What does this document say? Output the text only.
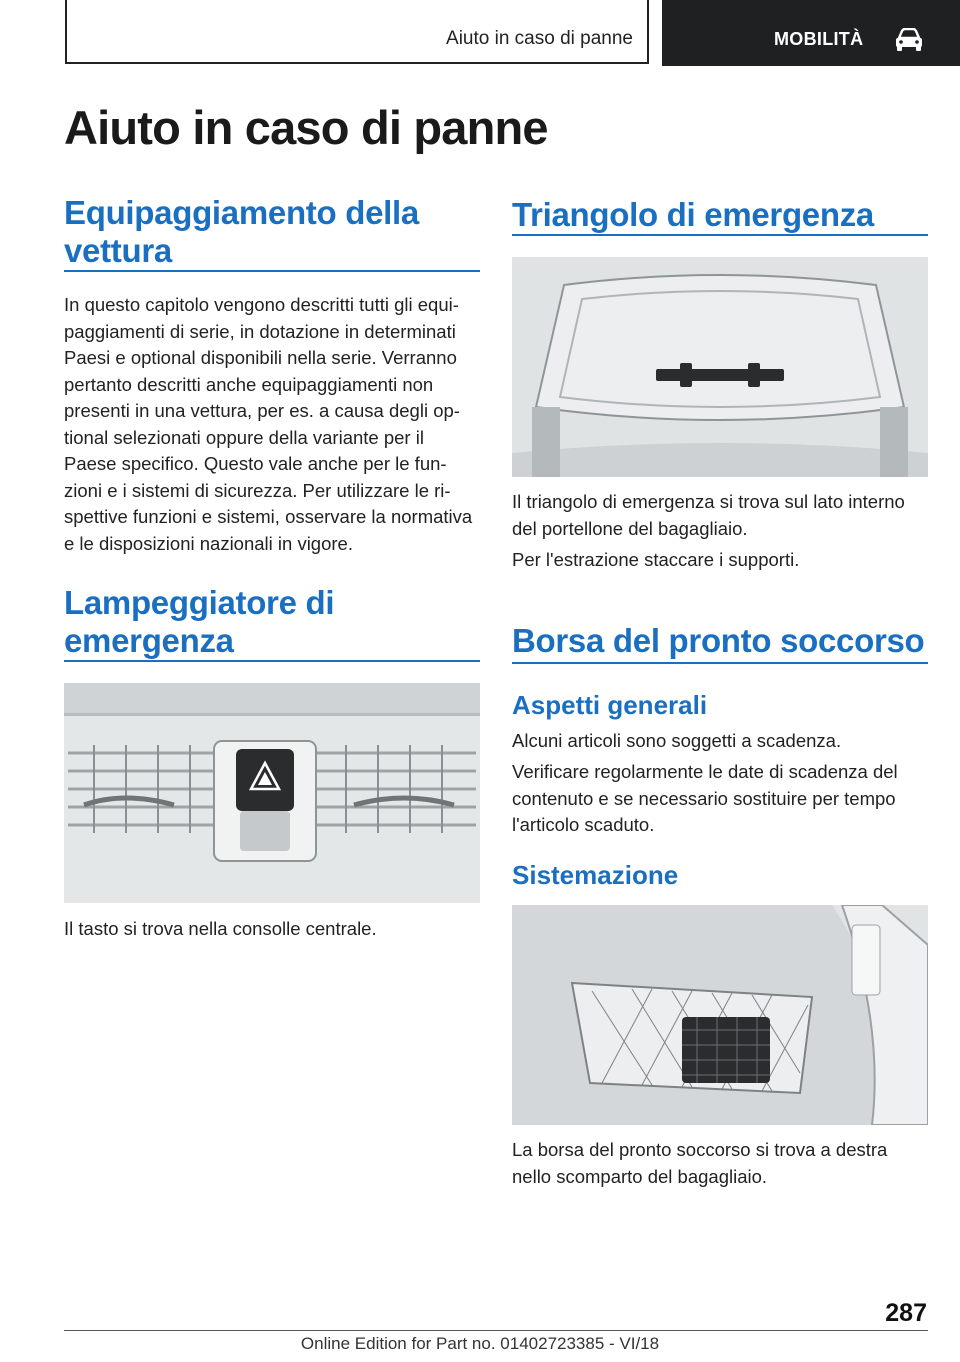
Aiuto in caso di panne	MOBILITÀ
Aiuto in caso di panne
Equipaggiamento della vettura
In questo capitolo vengono descritti tutti gli equi-
paggiamenti di serie, in dotazione in determinati
Paesi e optional disponibili nella serie. Verranno
pertanto descritti anche equipaggiamenti non
presenti in una vettura, per es. a causa degli op-
tional selezionati oppure della variante per il
Paese specifico. Questo vale anche per le fun-
zioni e i sistemi di sicurezza. Per utilizzare le ri-
spettive funzioni e sistemi, osservare la normativa
e le disposizioni nazionali in vigore.
Lampeggiatore di
emergenza

Il tasto si trova nella consolle centrale.

Triangolo di emergenza
Il triangolo di emergenza si trova sul lato interno
del portellone del bagagliaio.

Per l'estrazione staccare i supporti.

Borsa del pronto soccorso
Aspetti generali

Alcuni articoli sono soggetti a scadenza.

Verificare regolarmente le date di scadenza del
contenuto e se necessario sostituire per tempo
l'articolo scaduto.
Sistemazione
La borsa del pronto soccorso si trova a destra
nello scomparto del bagagliaio.
287
Online Edition for Part no. 01402723385 - VI/18
